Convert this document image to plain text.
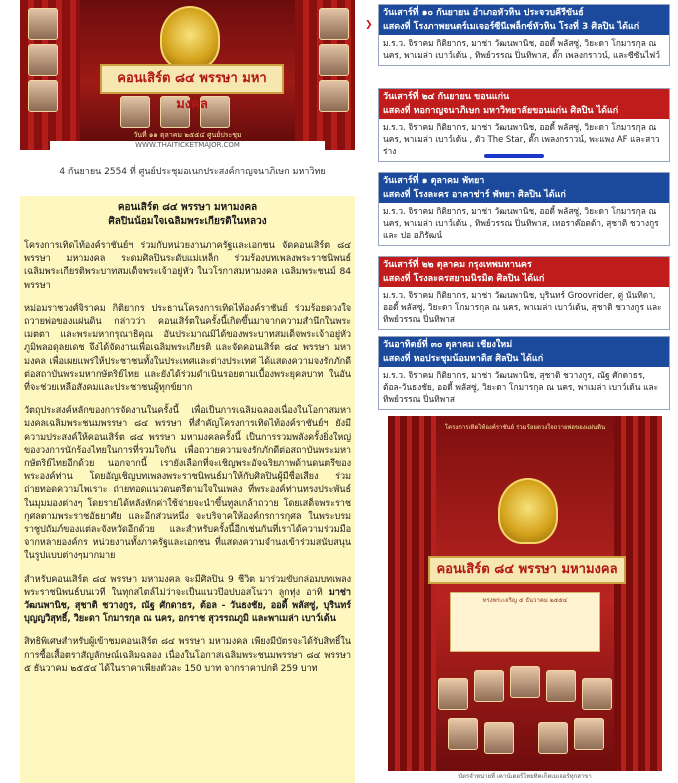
คอนเสิร์ต ๘๔ พรรษา มหามงคล
วันที่ ๑๑ ตุลาคม ๒๕๕๔ ศูนย์ประชุม
WWW.THAITICKETMAJOR.COM
4 กันยายน 2554 ที่ ศูนย์ประชุมอเนกประสงค์กาญจนาภิเษก มหาวิทย
คอนเสิร์ต ๘๔ พรรษา มหามงคล
ศิลปินน้อมใจเฉลิมพระเกียรติในหลวง

โครงการเทิดไท้องค์ราชันย์ฯ ร่วมกับหน่วยงานภาครัฐและเอกชน จัดคอนเสิร์ต ๘๔ พรรษา มหามงคล ระดมศิลปินระดับแม่เหล็ก ร่วมร้องบทเพลงพระราชนิพนธ์ เฉลิมพระเกียรติพระบาทสมเด็จพระเจ้าอยู่หัว ในวโรกาสมหามงคล เฉลิมพระชนม์ 84 พรรษา

หม่อมราชวงศ์จิราคม กิติยากร ประธานโครงการเทิดไท้องค์ราชันย์ ร่วมร้อยดวงใจถวายพ่อของแผ่นดิน กล่าวว่า คอนเสิร์ตในครั้งนี้เกิดขึ้นมาจากความสำนึกในพระเมตตา และพระมหากรุณาธิคุณ อันประมาณมิได้ของพระบาทสมเด็จพระเจ้าอยู่หัวภูมิพลอดุลยเดช จึงได้จัดงานเพื่อเฉลิมพระเกียรติ และจัดคอนเสิร์ต ๘๔ พรรษา มหามงคล เพื่อเผยแพร่ให้ประชาชนทั้งในประเทศและต่างประเทศ ได้แสดงความจงรักภักดีต่อสถาบันพระมหากษัตริย์ไทย และยังได้ร่วมดำเนินรอยตามเบื้องพระยุคลบาท ในอันที่จะช่วยเหลือสังคมและประชาชนผู้ทุกข์ยาก

วัตถุประสงค์หลักของการจัดงานในครั้งนี้ เพื่อเป็นการเฉลิมฉลองเนื่องในโอกาสมหามงคลเฉลิมพระชนมพรรษา ๘๔ พรรษา ที่สำคัญโครงการเทิดไท้องค์ราชันย์ฯ ยังมีความประสงค์ให้คอนเสิร์ต ๘๔ พรรษา มหามงคลครั้งนี้ เป็นการรวมพลังครั้งยิ่งใหญ่ของวงการนักร้องไทยในการที่รวมใจกัน เพื่อถวายความจงรักภักดีต่อสถาบันพระมหากษัตริย์ไทยอีกด้วย นอกจากนี้ เรายังเลือกที่จะเชิญพระอัจฉริยภาพด้านดนตรีของพระองค์ท่าน โดยอัญเชิญบทเพลงพระราชนิพนธ์มาให้กับศิลปินผู้มีชื่อเสียง ร่วมถ่ายทอดความไพเราะ ถ่ายทอดแนวดนตรีตามใจในเพลง ที่พระองค์ท่านทรงประพันธ์ในมุมมองต่างๆ โดยรายได้หลังหักค่าใช้จ่ายจะนำขึ้นทูลเกล้าถวาย โดยเสด็จพระราชกุศลตามพระราชอัธยาศัย และอีกส่วนหนึ่ง จะบริจาคให้องค์กรการกุศล ในพระบรมราชูปถัมภ์ของแต่ละจังหวัดอีกด้วย และสำหรับครั้งนี้อีกเช่นกันที่เราได้ความร่วมมือจากหลายองค์กร หน่วยงานทั้งภาครัฐและเอกชน ที่แสดงความจำนงเข้าร่วมสนับสนุนในรูปแบบต่างๆมากมาย

สำหรับคอนเสิร์ต ๘๔ พรรษา มหามงคล จะมีศิลปิน 9 ชีวิต มาร่วมขับกล่อมบทเพลงพระราชนิพนธ์บนเวที ในทุกสไตล์ไม่ว่าจะเป็นแนวป๊อปบอสโนวา ลูกทุ่ง อาทิ มาช่า วัฒนพานิช, สุชาติ ชวางกูร, ณัฐ ศักดาธร, ต้อล - วันธงชัย, ออดี้ พลัสซู่, บุรินทร์ บุญญวิสุทธิ์, วิยะดา โกมารกุล ณ นคร, อกราช สุวรรณภูมิ และพาเมล่า เบาว์เด้น

สิทธิพิเศษสำหรับผู้เข้าชมคอนเสิร์ต ๘๔ พรรษา มหามงคล เพียงมีบัตรจะได้รับสิทธิ์ในการซื้อเสื้อตราสัญลักษณ์เฉลิมฉลอง เนื่องในโอกาสเฉลิมพระชนมพรรษา ๘๔ พรรษา ๕ ธันวาคม ๒๕๕๔ ได้ในราคาเพียงตัวละ 150 บาท จากราคาปกติ 259 บาท

วันเสาร์ที่ ๑๐ กันยายน อำเภอหัวหิน ประจวบคีรีขันธ์
แสดงที่ โรงภาพยนตร์เมเจอร์ซีนีเพล็กซ์หัวหิน โรงที่ 3 ศิลปิน ได้แก่
ม.ร.ว. จิราคม กิติยากร, มาช่า วัฒนพานิช, ออดี้ พลัสซู่, วิยะดา โกมารกุล ณ นคร, พาเมล่า เบาว์เด้น , ทิพย์วรรณ ปิ่นทิพาส, ตั๊ก เพลงกราวน์, และซีซันไฟว์
วันเสาร์ที่ ๒๔ กันยายน ขอนแก่น
แสดงที่ หอกาญจนาภิเษก มหาวิทยาลัยขอนแก่น ศิลปิน ได้แก่
ม.ร.ว. จิราคม กิติยากร, มาช่า วัฒนพานิช, ออดี้ พลัสซู่, วิยะดา โกมารกุล ณ นคร, พาเมล่า เบาว์เด้น , ตัว The Star, ตั๊ก เพลงกราวน์, พะแพง AF และสาวร่าง
วันเสาร์ที่ ๑ ตุลาคม พัทยา
แสดงที่ โรงละคร อาคาช่าร์ พัทยา ศิลปิน ได้แก่
ม.ร.ว. จิราคม กิติยากร, มาช่า วัฒนพานิช, ออดี้ พลัสซู่, วิยะดา โกมารกุล ณ นคร, พาเมล่า เบาว์เด้น , ทิพย์วรรณ ปิ่นทิพาส, เทอราค๊อตต้า, สุชาติ ชวางกูร และ ปอ อภิรัฒน์
วันเสาร์ที่ ๒๒ ตุลาคม กรุงเทพมหานคร
แสดงที่ โรงละครสยามนิรมิต ศิลปิน ได้แก่
ม.ร.ว. จิราคม กิติยากร, มาช่า วัฒนพานิช, บุรินทร์ Groovrider, ตู่ นันทิดา, ออดี้ พลัสซู่, วิยะดา โกมารกุล ณ นคร, พาเมล่า เบาว์เด้น, สุชาติ ชวางกูร และทิพย์วรรณ ปิ่นทิพาส
วันอาทิตย์ที่ ๓๐ ตุลาคม เชียงใหม่
แสดงที่ หอประชุมน้อมหาดิส ศิลปิน ได้แก่
ม.ร.ว. จิราคม กิติยากร, มาช่า วัฒนพานิช, สุชาติ ชวางกูร, ณัฐ ศักดาธร, ต้อล-วันธงชัย, ออดี้ พลัสซู่, วิยะดา โกมารกุล ณ นคร, พาเมล่า เบาว์เด้น และทิพย์วรรณ ปิ่นทิพาส
โครงการเทิดไท้องค์ราชันย์ ร่วมร้อยดวงใจถวายพ่อของแผ่นดิน
คอนเสิร์ต ๘๔ พรรษา มหามงคล
ทรงพระเจริญ ๕ ธันวาคม ๒๕๕๔
บัตรจำหน่ายที่ เคาน์เตอร์ไทยทิคเก็ตเมเจอร์ทุกสาขา
❯
